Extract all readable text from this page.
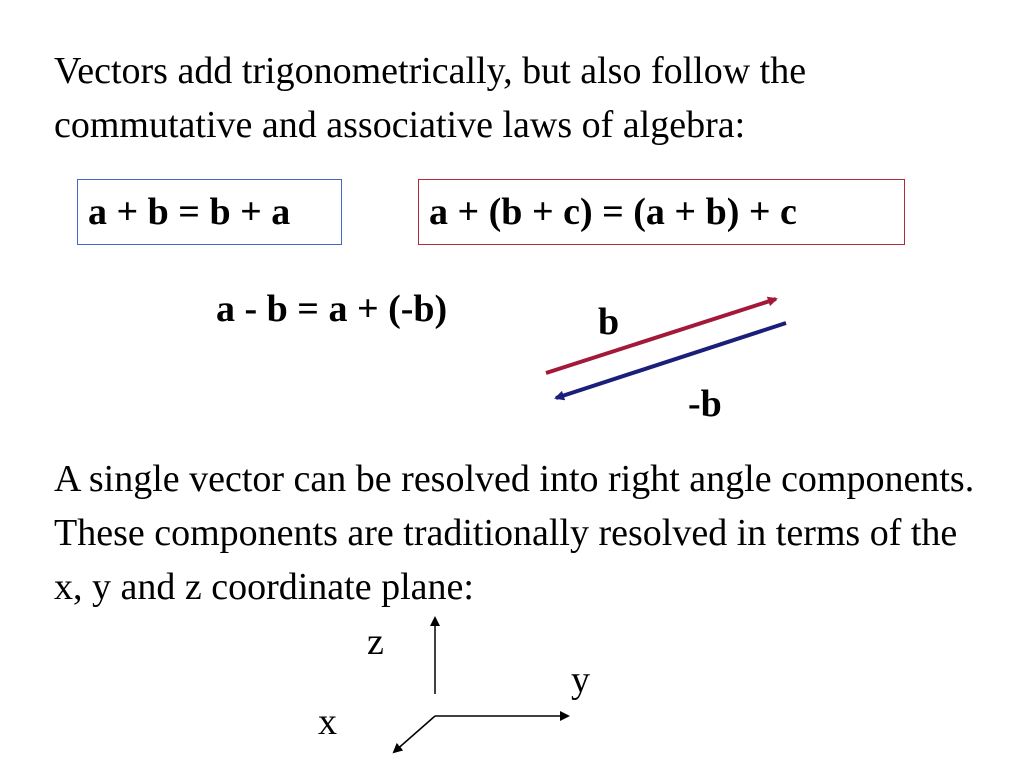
Vectors add trigonometrically, but also follow the commutative and associative laws of algebra:

a + b = b + a	a + (b + c) = (a + b) + c
a - b = a + (-b)	b
-b

A single vector can be resolved into right angle components. These components are traditionally resolved in terms of the x, y and z coordinate plane:

z
y
x
